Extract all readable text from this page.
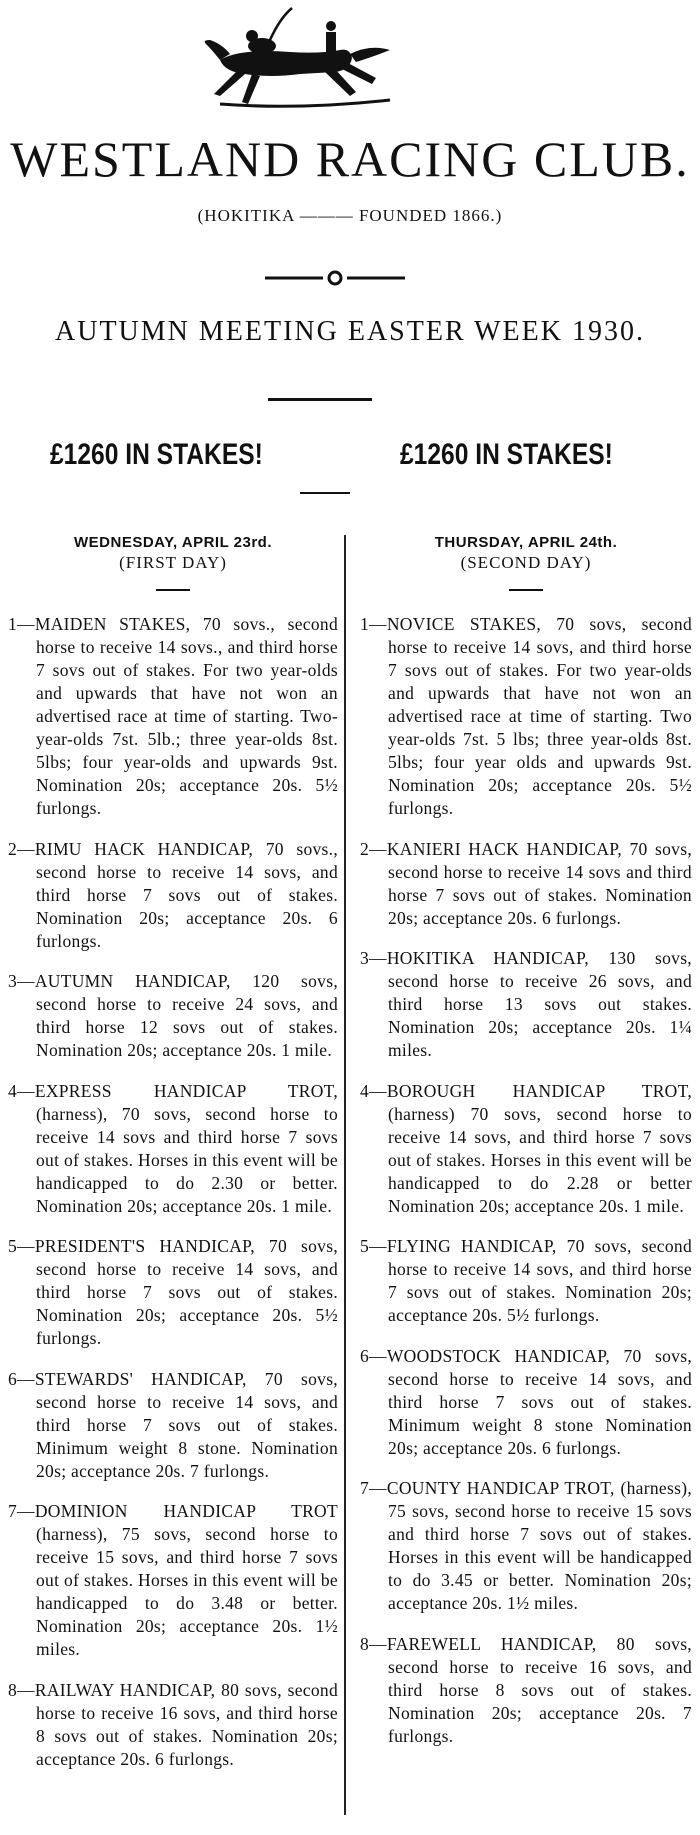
WESTLAND RACING CLUB.
(HOKITIKA ——— FOUNDED 1866.)
AUTUMN MEETING EASTER WEEK 1930.
£1260 IN STAKES!	£1260 IN STAKES!
WEDNESDAY, APRIL 23rd.
(FIRST DAY)

1—MAIDEN STAKES, 70 sovs., second horse to receive 14 sovs., and third horse 7 sovs out of stakes. For two year-olds and upwards that have not won an advertised race at time of starting. Two-year-olds 7st. 5lb.; three year-olds 8st. 5lbs; four year-olds and upwards 9st. Nomination 20s; acceptance 20s. 5½ furlongs.

2—RIMU HACK HANDICAP, 70 sovs., second horse to receive 14 sovs, and third horse 7 sovs out of stakes. Nomination 20s; acceptance 20s. 6 furlongs.

3—AUTUMN HANDICAP, 120 sovs, second horse to receive 24 sovs, and third horse 12 sovs out of stakes. Nomination 20s; acceptance 20s. 1 mile.

4—EXPRESS HANDICAP TROT, (harness), 70 sovs, second horse to receive 14 sovs and third horse 7 sovs out of stakes. Horses in this event will be handicapped to do 2.30 or better. Nomination 20s; acceptance 20s. 1 mile.

5—PRESIDENT'S HANDICAP, 70 sovs, second horse to receive 14 sovs, and third horse 7 sovs out of stakes. Nomination 20s; acceptance 20s. 5½ furlongs.

6—STEWARDS' HANDICAP, 70 sovs, second horse to receive 14 sovs, and third horse 7 sovs out of stakes. Minimum weight 8 stone. Nomination 20s; acceptance 20s. 7 furlongs.

7—DOMINION HANDICAP TROT (harness), 75 sovs, second horse to receive 15 sovs, and third horse 7 sovs out of stakes. Horses in this event will be handicapped to do 3.48 or better. Nomination 20s; acceptance 20s. 1½ miles.

8—RAILWAY HANDICAP, 80 sovs, second horse to receive 16 sovs, and third horse 8 sovs out of stakes. Nomination 20s; acceptance 20s. 6 furlongs.

THURSDAY, APRIL 24th.
(SECOND DAY)

1—NOVICE STAKES, 70 sovs, second horse to receive 14 sovs, and third horse 7 sovs out of stakes. For two year-olds and upwards that have not won an advertised race at time of starting. Two year-olds 7st. 5 lbs; three year-olds 8st. 5lbs; four year olds and upwards 9st. Nomination 20s; acceptance 20s. 5½ furlongs.

2—KANIERI HACK HANDICAP, 70 sovs, second horse to receive 14 sovs and third horse 7 sovs out of stakes. Nomination 20s; acceptance 20s. 6 furlongs.

3—HOKITIKA HANDICAP, 130 sovs, second horse to receive 26 sovs, and third horse 13 sovs out stakes. Nomination 20s; acceptance 20s. 1¼ miles.

4—BOROUGH HANDICAP TROT, (harness) 70 sovs, second horse to receive 14 sovs, and third horse 7 sovs out of stakes. Horses in this event will be handicapped to do 2.28 or better Nomination 20s; acceptance 20s. 1 mile.

5—FLYING HANDICAP, 70 sovs, second horse to receive 14 sovs, and third horse 7 sovs out of stakes. Nomination 20s; acceptance 20s. 5½ furlongs.

6—WOODSTOCK HANDICAP, 70 sovs, second horse to receive 14 sovs, and third horse 7 sovs out of stakes. Minimum weight 8 stone Nomination 20s; acceptance 20s. 6 furlongs.

7—COUNTY HANDICAP TROT, (harness), 75 sovs, second horse to receive 15 sovs and third horse 7 sovs out of stakes. Horses in this event will be handicapped to do 3.45 or better. Nomination 20s; acceptance 20s. 1½ miles.

8—FAREWELL HANDICAP, 80 sovs, second horse to receive 16 sovs, and third horse 8 sovs out of stakes. Nomination 20s; acceptance 20s. 7 furlongs.
